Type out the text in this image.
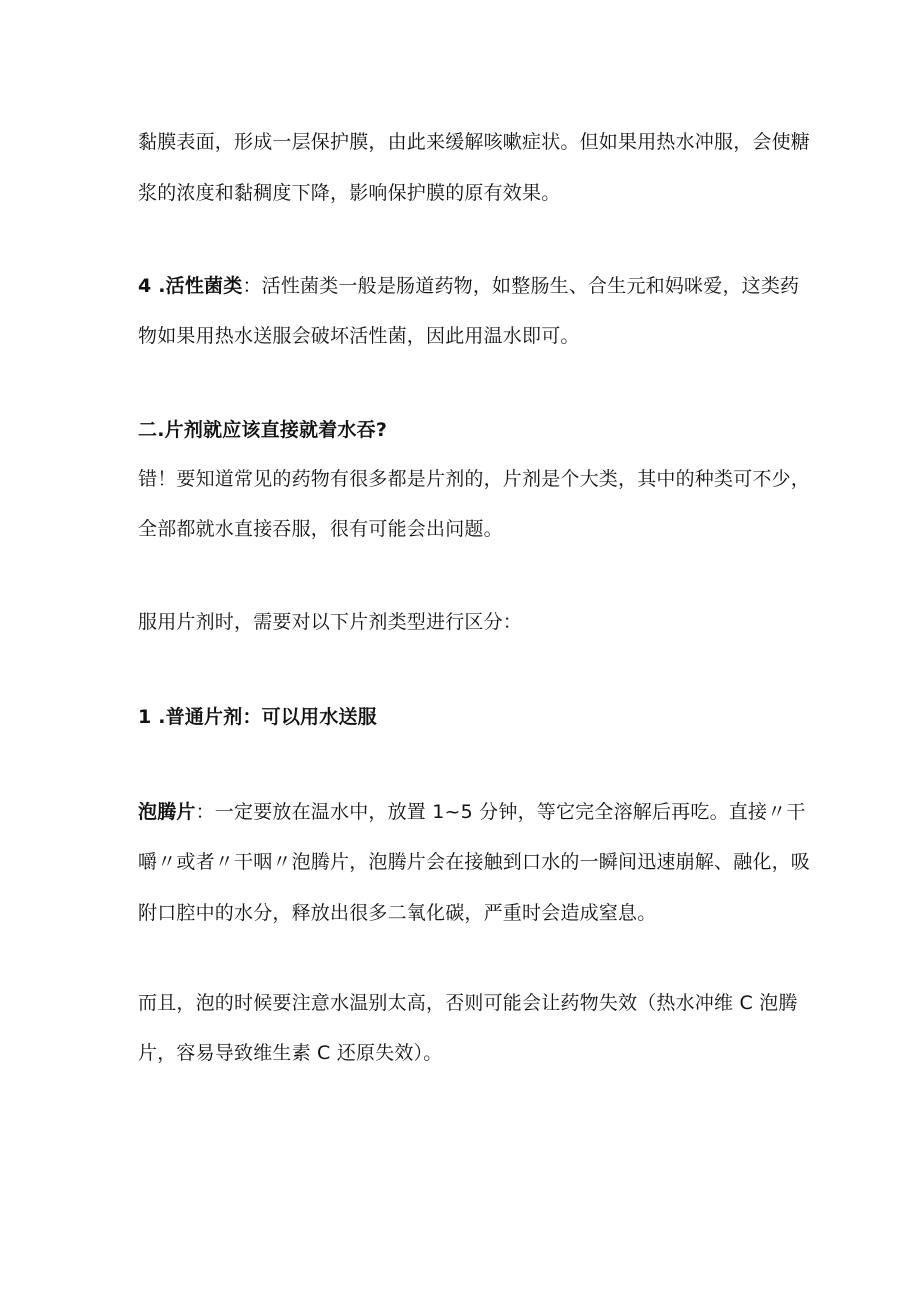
黏膜表面，形成一层保护膜，由此来缓解咳嗽症状。但如果用热水冲服，会使糖
浆的浓度和黏稠度下降，影响保护膜的原有效果。
4 .活性菌类：活性菌类一般是肠道药物，如整肠生、合生元和妈咪爱，这类药
物如果用热水送服会破坏活性菌，因此用温水即可。
二.片剂就应该直接就着水吞?
错！要知道常见的药物有很多都是片剂的，片剂是个大类，其中的种类可不少，
全部都就水直接吞服，很有可能会出问题。
服用片剂时，需要对以下片剂类型进行区分：
1 .普通片剂：可以用水送服
泡腾片：一定要放在温水中，放置 1~5 分钟，等它完全溶解后再吃。直接〃干
嚼〃或者〃干咽〃泡腾片，泡腾片会在接触到口水的一瞬间迅速崩解、融化，吸
附口腔中的水分，释放出很多二氧化碳，严重时会造成窒息。
而且，泡的时候要注意水温别太高，否则可能会让药物失效（热水冲维 C 泡腾
片，容易导致维生素 C 还原失效）。
